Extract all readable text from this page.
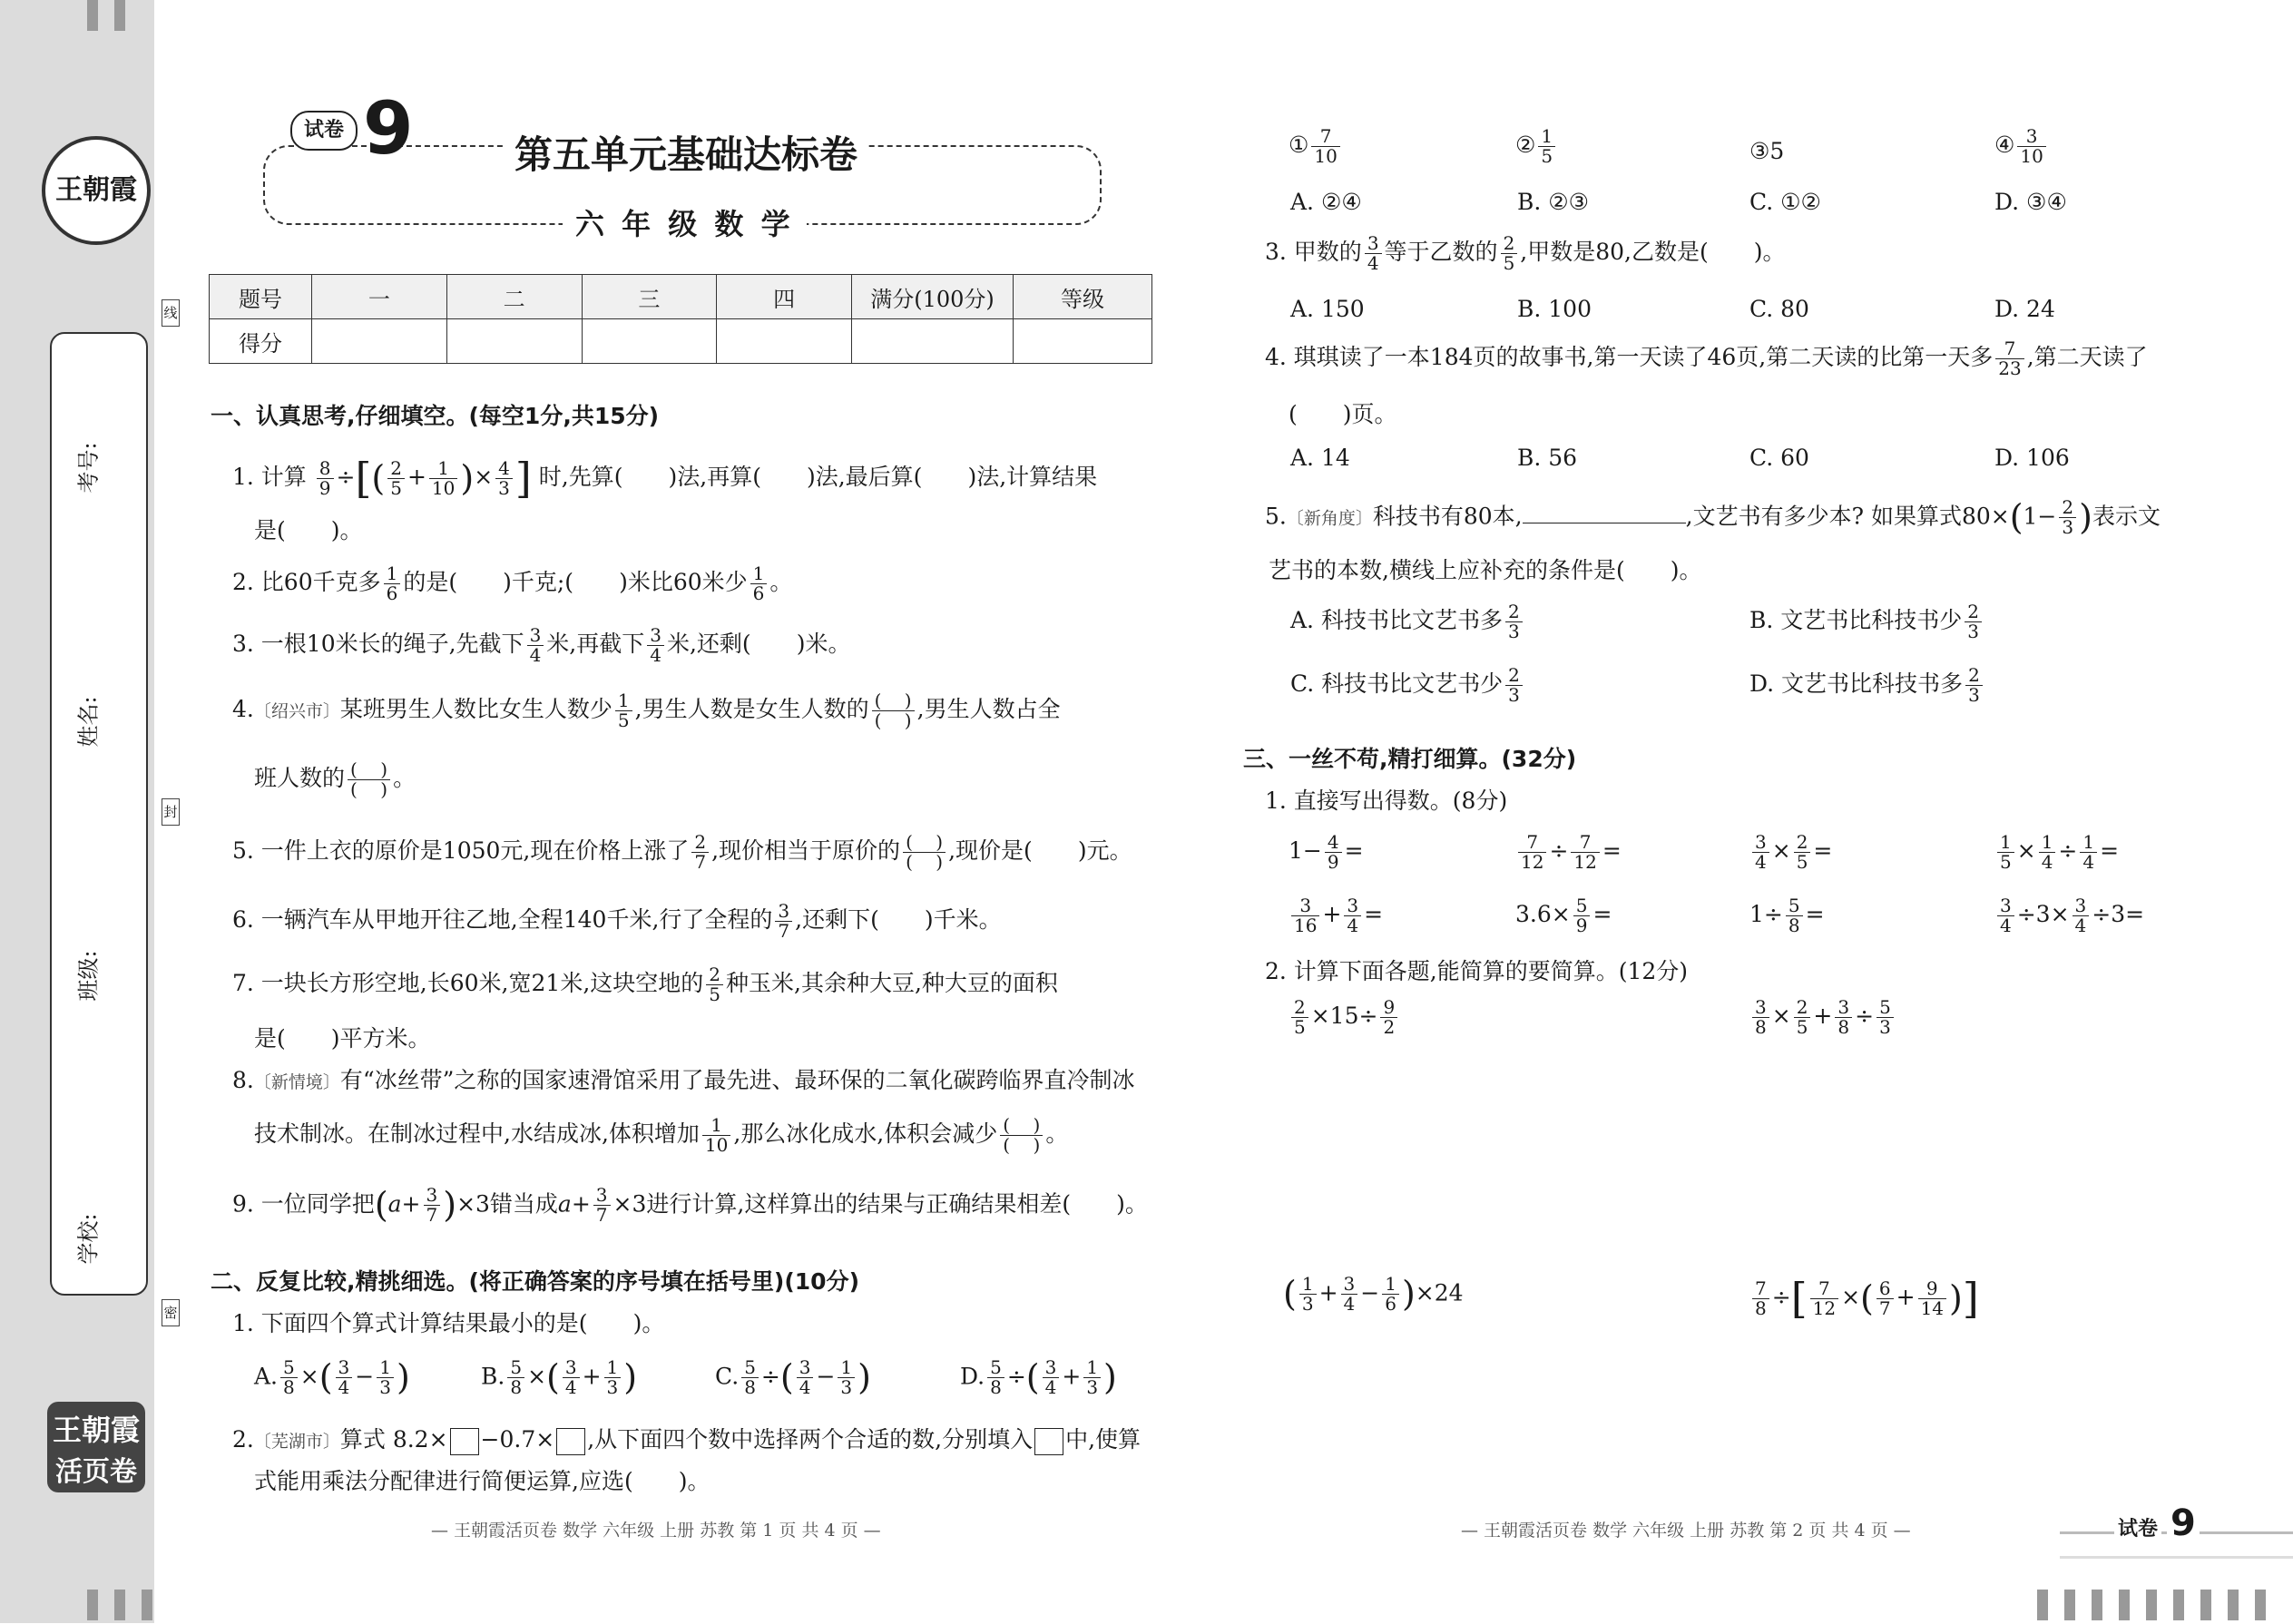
王朝霞
考号:
姓名:
班级:
学校:
线
封
密
王朝霞
活页卷
试卷 9	第五单元基础达标卷
六 年 级 数 学
题号	一	二	三	四	满分(100分)	等级
得分						
一、认真思考,仔细填空。(每空1分,共15分)
1. 计算 $\frac{8}{9}$ ÷[( $\frac{2}{5} + \frac{1}{10}$ )× $\frac{4}{3}$ ] 时,先算( )法,再算( )法,最后算( )法,计算结果
是( )。
2. 比60千克多 $\frac{1}{6}$ 的是( )千克;( )米比60米少 $\frac{1}{6}$ 。
3. 一根10米长的绳子,先截下 $\frac{3}{4}$ 米,再截下 $\frac{3}{4}$ 米,还剩( )米。
4.〔绍兴市〕某班男生人数比女生人数少 $\frac{1}{5}$ ,男生人数是女生人数的 $\frac{( )}{( )}$ ,男生人数占全
班人数的 $\frac{( )}{( )}$ 。
5. 一件上衣的原价是1050元,现在价格上涨了 $\frac{2}{7}$ ,现价相当于原价的 $\frac{( )}{( )}$ ,现价是( )元。
6. 一辆汽车从甲地开往乙地,全程140千米,行了全程的 $\frac{3}{7}$ ,还剩下( )千米。
7. 一块长方形空地,长60米,宽21米,这块空地的 $\frac{2}{5}$ 种玉米,其余种大豆,种大豆的面积
是( )平方米。
8.〔新情境〕有“冰丝带”之称的国家速滑馆采用了最先进、最环保的二氧化碳跨临界直冷制冰
技术制冰。在制冰过程中,水结成冰,体积增加 $\frac{1}{10}$ ,那么冰化成水,体积会减少 $\frac{( )}{( )}$ 。
9. 一位同学把$(a+ \frac{3}{7} )\times 3$错当成$a+ \frac{3}{7} \times 3$进行计算,这样算出的结果与正确结果相差( )。
二、反复比较,精挑细选。(将正确答案的序号填在括号里)(10分)
1. 下面四个算式计算结果最小的是( )。
A. $\frac{5}{8}$ ×( $\frac{3}{4} - \frac{1}{3}$ )	B. $\frac{5}{8}$ ×( $\frac{3}{4} + \frac{1}{3}$ )	C. $\frac{5}{8}$ ÷( $\frac{3}{4} - \frac{1}{3}$ )	D. $\frac{5}{8}$ ÷( $\frac{3}{4} + \frac{1}{3}$ )
2.〔芜湖市〕算式 8.2× −0.7× ,从下面四个数中选择两个合适的数,分别填入 中,使算
式能用乘法分配律进行简便运算,应选( )。
— 王朝霞活页卷 数学 六年级 上册 苏教 第 1 页 共 4 页 —
① $\frac{7}{10}$	② $\frac{1}{5}$	③5	④ $\frac{3}{10}$
A. ②④	B. ②③	C. ①②	D. ③④
3. 甲数的 $\frac{3}{4}$ 等于乙数的 $\frac{2}{5}$ ,甲数是80,乙数是( )。
A. 150	B. 100	C. 80	D. 24
4. 琪琪读了一本184页的故事书,第一天读了46页,第二天读的比第一天多 $\frac{7}{23}$ ,第二天读了
( )页。
A. 14	B. 56	C. 60	D. 106
5.〔新角度〕科技书有80本,	,文艺书有多少本? 如果算式$80\times(1- \frac{2}{3}$ )表示文
艺书的本数,横线上应补充的条件是( )。
A. 科技书比文艺书多 $\frac{2}{3}$	B. 文艺书比科技书少 $\frac{2}{3}$
C. 科技书比文艺书少 $\frac{2}{3}$	D. 文艺书比科技书多 $\frac{2}{3}$
三、一丝不苟,精打细算。(32分)
1. 直接写出得数。(8分)
$1- \frac{4}{9}$ =	$\frac{7}{12} \div \frac{7}{12}$ =	$\frac{3}{4} \times \frac{2}{5}$ =	$\frac{1}{5} \times \frac{1}{4} \div \frac{1}{4}$ =
$\frac{3}{16} + \frac{3}{4}$ =	$3.6\times \frac{5}{9}$ =	$1\div \frac{5}{8}$ =	$\frac{3}{4} \div 3\times \frac{3}{4} \div 3=$
2. 计算下面各题,能简算的要简算。(12分)
$\frac{2}{5} \times 15\div \frac{9}{2}$	$\frac{3}{8} \times \frac{2}{5} + \frac{3}{8} \div \frac{5}{3}$
( $\frac{1}{3} + \frac{3}{4} - \frac{1}{6} )\times 24$	$\frac{7}{8}$ ÷[ $\frac{7}{12}$ ×( $\frac{6}{7} + \frac{9}{14}$ )]
— 王朝霞活页卷 数学 六年级 上册 苏教 第 2 页 共 4 页 —	试卷 9
